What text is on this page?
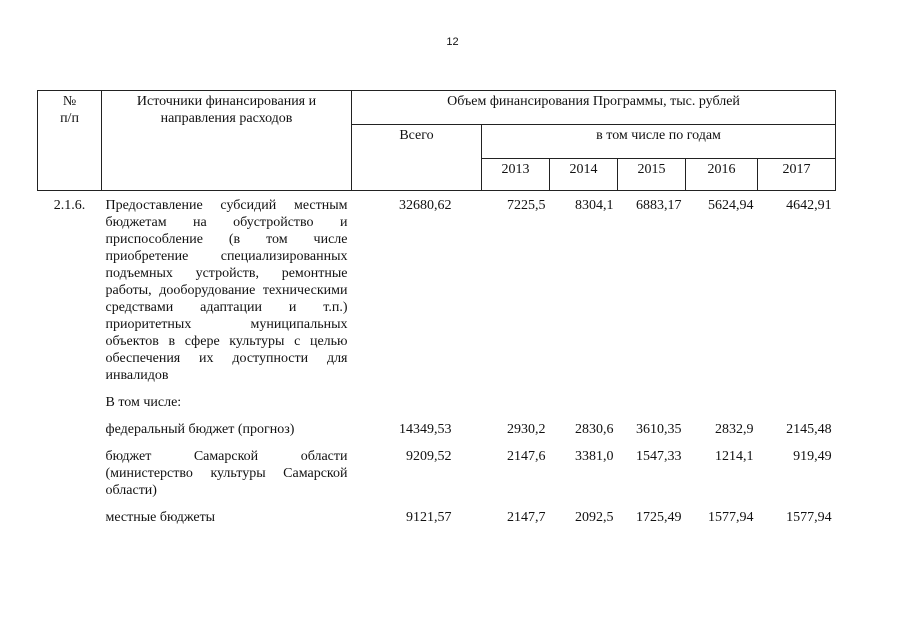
12
№
п/п	Источники финансирования и направления расходов	Объем финансирования Программы, тыс. рублей					
		Всего	в том числе по годам				
			2013	2014	2015	2016	2017
2.1.6.	Предоставление субсидий местным бюджетам на обустройство и приспособление (в том числе приобретение специализированных подъемных устройств, ремонтные работы, дооборудование техническими средствами адаптации и т.п.) приоритетных муниципальных объектов в сфере культуры с целью обеспечения их доступности для инвалидов	32680,62	7225,5	8304,1	6883,17	5624,94	4642,91
	В том числе:						
	федеральный бюджет (прогноз)	14349,53	2930,2	2830,6	3610,35	2832,9	2145,48
	бюджет Самарской области (министерство культуры Самарской области)	9209,52	2147,6	3381,0	1547,33	1214,1	919,49
	местные бюджеты	9121,57	2147,7	2092,5	1725,49	1577,94	1577,94
